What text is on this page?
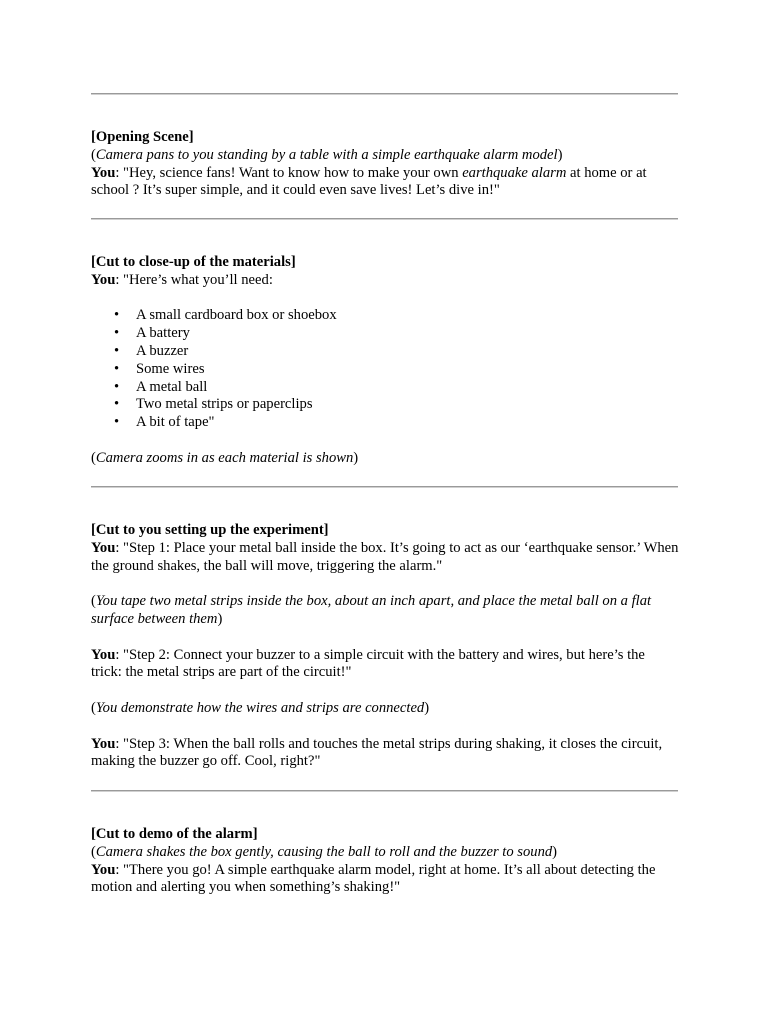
[Opening Scene]

(Camera pans to you standing by a table with a simple earthquake alarm model)

You: "Hey, science fans! Want to know how to make your own earthquake alarm at home or at school ? It’s super simple, and it could even save lives! Let’s dive in!"

[Cut to close-up of the materials]

You: "Here’s what you’ll need:

• A small cardboard box or shoebox
• A battery
• A buzzer
• Some wires
• A metal ball
• Two metal strips or paperclips
• A bit of tape"

(Camera zooms in as each material is shown)

[Cut to you setting up the experiment]

You: "Step 1: Place your metal ball inside the box. It’s going to act as our ‘earthquake sensor.’ When the ground shakes, the ball will move, triggering the alarm."

(You tape two metal strips inside the box, about an inch apart, and place the metal ball on a flat surface between them)

You: "Step 2: Connect your buzzer to a simple circuit with the battery and wires, but here’s the trick: the metal strips are part of the circuit!"

(You demonstrate how the wires and strips are connected)

You: "Step 3: When the ball rolls and touches the metal strips during shaking, it closes the circuit, making the buzzer go off. Cool, right?"

[Cut to demo of the alarm]

(Camera shakes the box gently, causing the ball to roll and the buzzer to sound)

You: "There you go! A simple earthquake alarm model, right at home. It’s all about detecting the motion and alerting you when something’s shaking!"
